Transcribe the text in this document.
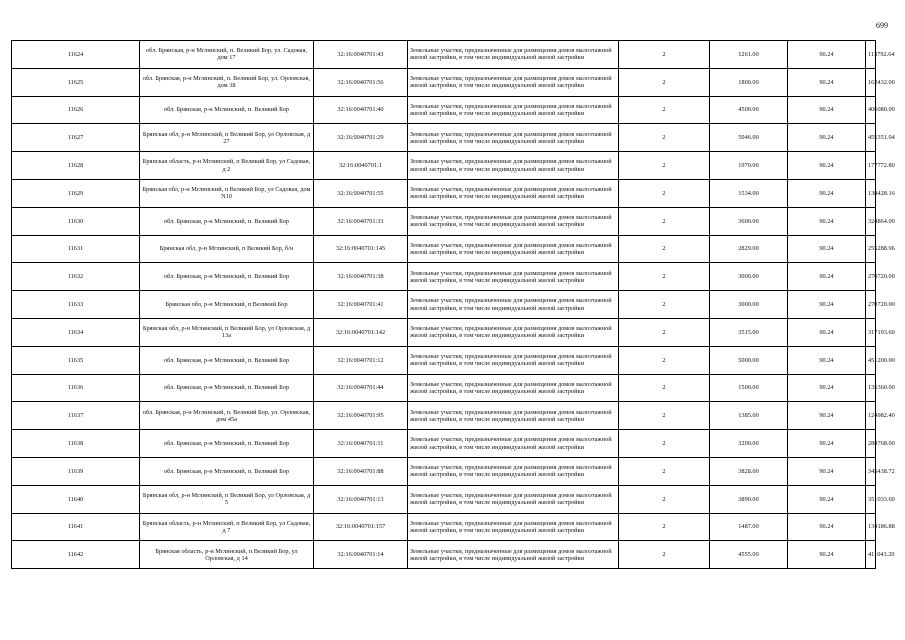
699
11624	обл. Брянская, р-н Мглинский, п. Великий Бор, ул. Садовая, дом 17	32:16:0040701:43	Земельные участки, предназначенные для размещения домов малоэтажной жилой застройки, в том числе индивидуальной жилой застройки	2	1261.00	90.24	113792.64
11625	обл. Брянская, р-н Мглинский, п. Великий Бор, ул. Орловская, дом 38	32:16:0040701:56	Земельные участки, предназначенные для размещения домов малоэтажной жилой застройки, в том числе индивидуальной жилой застройки	2	1800.00	90.24	162432.00
11626	обл. Брянская, р-н Мглинский, п. Великий Бор	32:16:0040701:40	Земельные участки, предназначенные для размещения домов малоэтажной жилой застройки, в том числе индивидуальной жилой застройки	2	4500.00	90.24	406080.00
11627	Брянская обл, р-н Мглинский, п Великий Бор, ул Орловская, д 27	32:16:0040701:29	Земельные участки, предназначенные для размещения домов малоэтажной жилой застройки, в том числе индивидуальной жилой застройки	2	5046.00	90.24	455351.04
11628	Брянская область, р-н Мглинский, п Великий Бор, ул Садовая, д 2	32:16:0040701:1	Земельные участки, предназначенные для размещения домов малоэтажной жилой застройки, в том числе индивидуальной жилой застройки	2	1970.00	90.24	177772.80
11629	Брянская обл, р-н Мглинский, п Великий Бор, ул Садовая, дом N10	32:16:0040701:55	Земельные участки, предназначенные для размещения домов малоэтажной жилой застройки, в том числе индивидуальной жилой застройки	2	1534.00	90.24	138428.16
11630	обл. Брянская, р-н Мглинский, п. Великий Бор	32:16:0040701:33	Земельные участки, предназначенные для размещения домов малоэтажной жилой застройки, в том числе индивидуальной жилой застройки	2	3600.00	90.24	324864.00
11631	Брянская обл, р-н Мглинский, п Великий Бор, б/н	32:16:0040701:145	Земельные участки, предназначенные для размещения домов малоэтажной жилой застройки, в том числе индивидуальной жилой застройки	2	2829.00	90.24	255288.96
11632	обл. Брянская, р-н Мглинский, п. Великий Бор	32:16:0040701:38	Земельные участки, предназначенные для размещения домов малоэтажной жилой застройки, в том числе индивидуальной жилой застройки	2	3000.00	90.24	270720.00
11633	Брянская обл, р-н Мглинский, п Великий Бор	32:16:0040701:41	Земельные участки, предназначенные для размещения домов малоэтажной жилой застройки, в том числе индивидуальной жилой застройки	2	3000.00	90.24	270720.00
11634	Брянская обл, р-н Мглинский, п Великий Бор, ул Орловская, д 13а	32:16:0040701:142	Земельные участки, предназначенные для размещения домов малоэтажной жилой застройки, в том числе индивидуальной жилой застройки	2	3515.00	90.24	317193.60
11635	обл. Брянская, р-н Мглинский, п. Великий Бор	32:16:0040701:12	Земельные участки, предназначенные для размещения домов малоэтажной жилой застройки, в том числе индивидуальной жилой застройки	2	5000.00	90.24	451200.00
11636	обл. Брянская, р-н Мглинский, п. Великий Бор	32:16:0040701:44	Земельные участки, предназначенные для размещения домов малоэтажной жилой застройки, в том числе индивидуальной жилой застройки	2	1500.00	90.24	135360.00
11637	обл. Брянская, р-н Мглинский, п. Великий Бор, ул. Орловская, дом 45а	32:16:0040701:95	Земельные участки, предназначенные для размещения домов малоэтажной жилой застройки, в том числе индивидуальной жилой застройки	2	1385.00	90.24	124982.40
11638	обл. Брянская, р-н Мглинский, п. Великий Бор	32:16:0040701:11	Земельные участки, предназначенные для размещения домов малоэтажной жилой застройки, в том числе индивидуальной жилой застройки	2	3200.00	90.24	288768.00
11639	обл. Брянская, р-н Мглинский, п. Великий Бор	32:16:0040701:88	Земельные участки, предназначенные для размещения домов малоэтажной жилой застройки, в том числе индивидуальной жилой застройки	2	3828.00	90.24	345438.72
11640	Брянская обл, р-н Мглинский, п Великий Бор, ул Орловская, д 5	32:16:0040701:13	Земельные участки, предназначенные для размещения домов малоэтажной жилой застройки, в том числе индивидуальной жилой застройки	2	3890.00	90.24	351033.60
11641	Брянская область, р-н Мглинский, п Великий Бор, ул Садовая, д 7	32:16:0040701:157	Земельные участки, предназначенные для размещения домов малоэтажной жилой застройки, в том числе индивидуальной жилой застройки	2	1487.00	90.24	134186.88
11642	Брянская область, р-н Мглинский, п Великий Бор, ул Орловская, д 14	32:16:0040701:14	Земельные участки, предназначенные для размещения домов малоэтажной жилой застройки, в том числе индивидуальной жилой застройки	2	4555.00	90.24	411043.20
